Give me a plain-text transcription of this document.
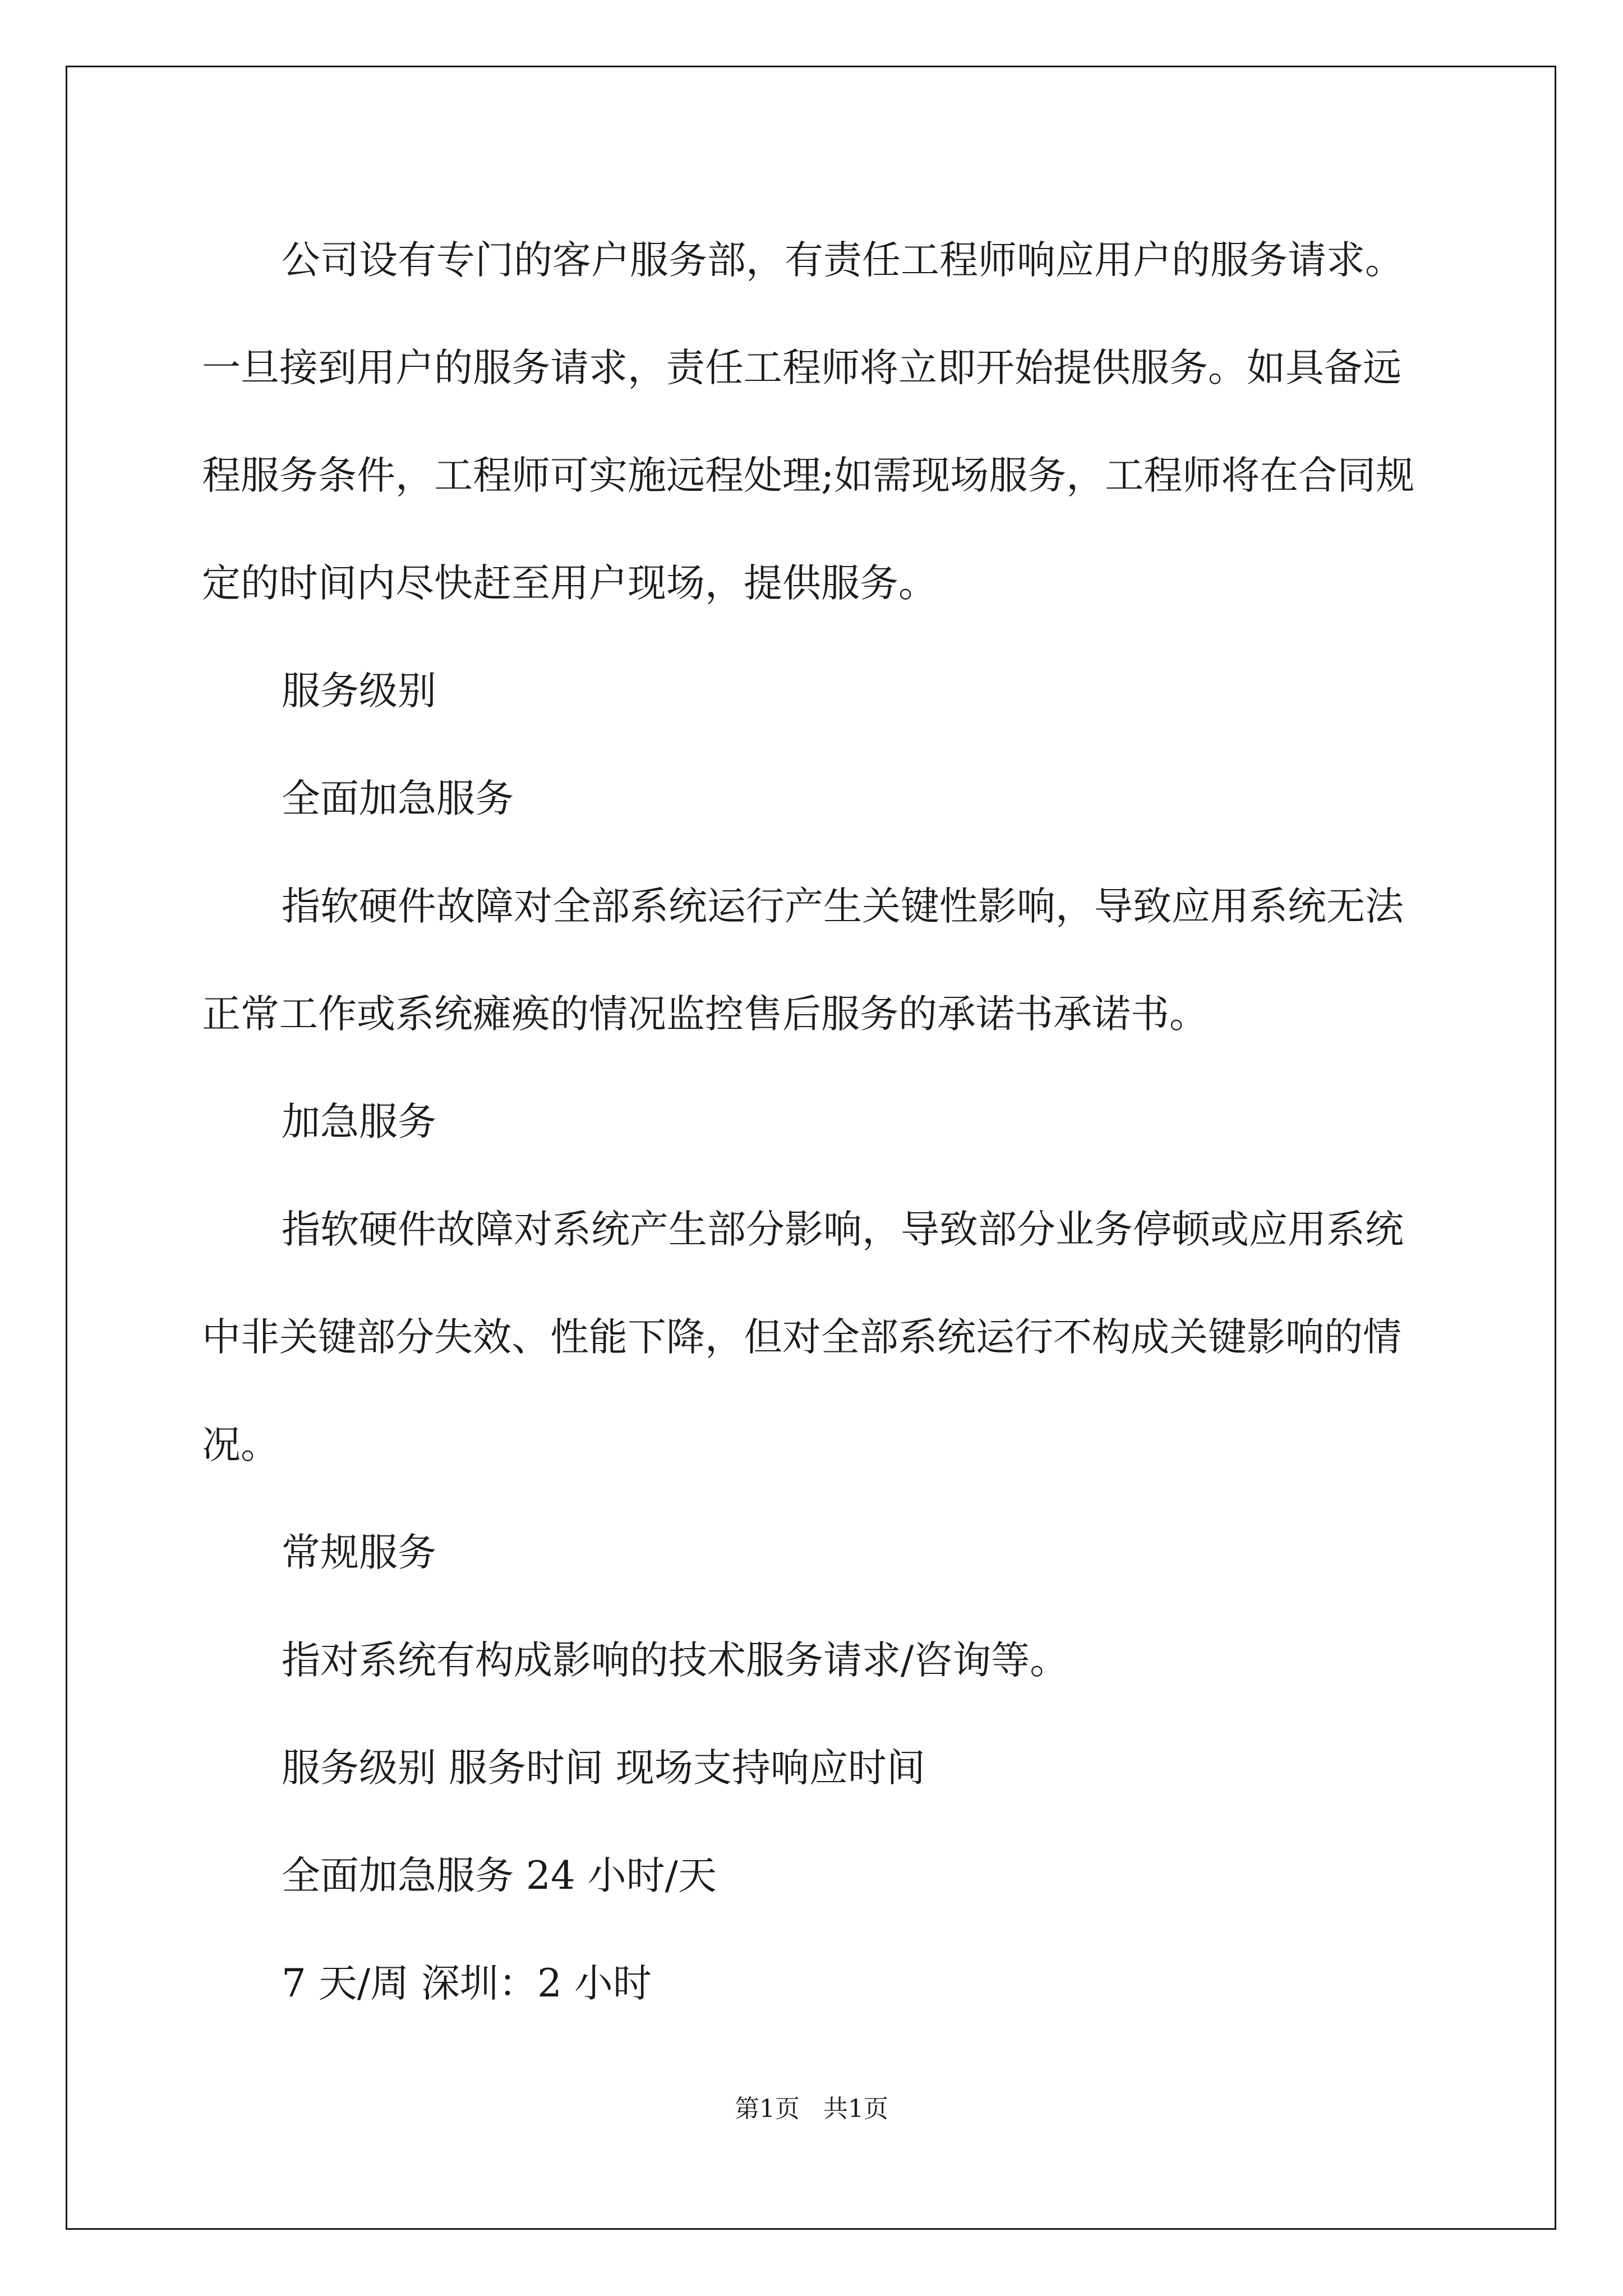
公司设有专门的客户服务部，有责任工程师响应用户的服务请求。一旦接到用户的服务请求，责任工程师将立即开始提供服务。如具备远程服务条件，工程师可实施远程处理;如需现场服务，工程师将在合同规定的时间内尽快赶至用户现场，提供服务。

服务级别

全面加急服务

指软硬件故障对全部系统运行产生关键性影响，导致应用系统无法正常工作或系统瘫痪的情况监控售后服务的承诺书承诺书。

加急服务

指软硬件故障对系统产生部分影响，导致部分业务停顿或应用系统中非关键部分失效、性能下降，但对全部系统运行不构成关键影响的情况。

常规服务

指对系统有构成影响的技术服务请求/咨询等。

服务级别 服务时间 现场支持响应时间

全面加急服务 24 小时/天

7 天/周 深圳：2 小时

第1页   共1页
